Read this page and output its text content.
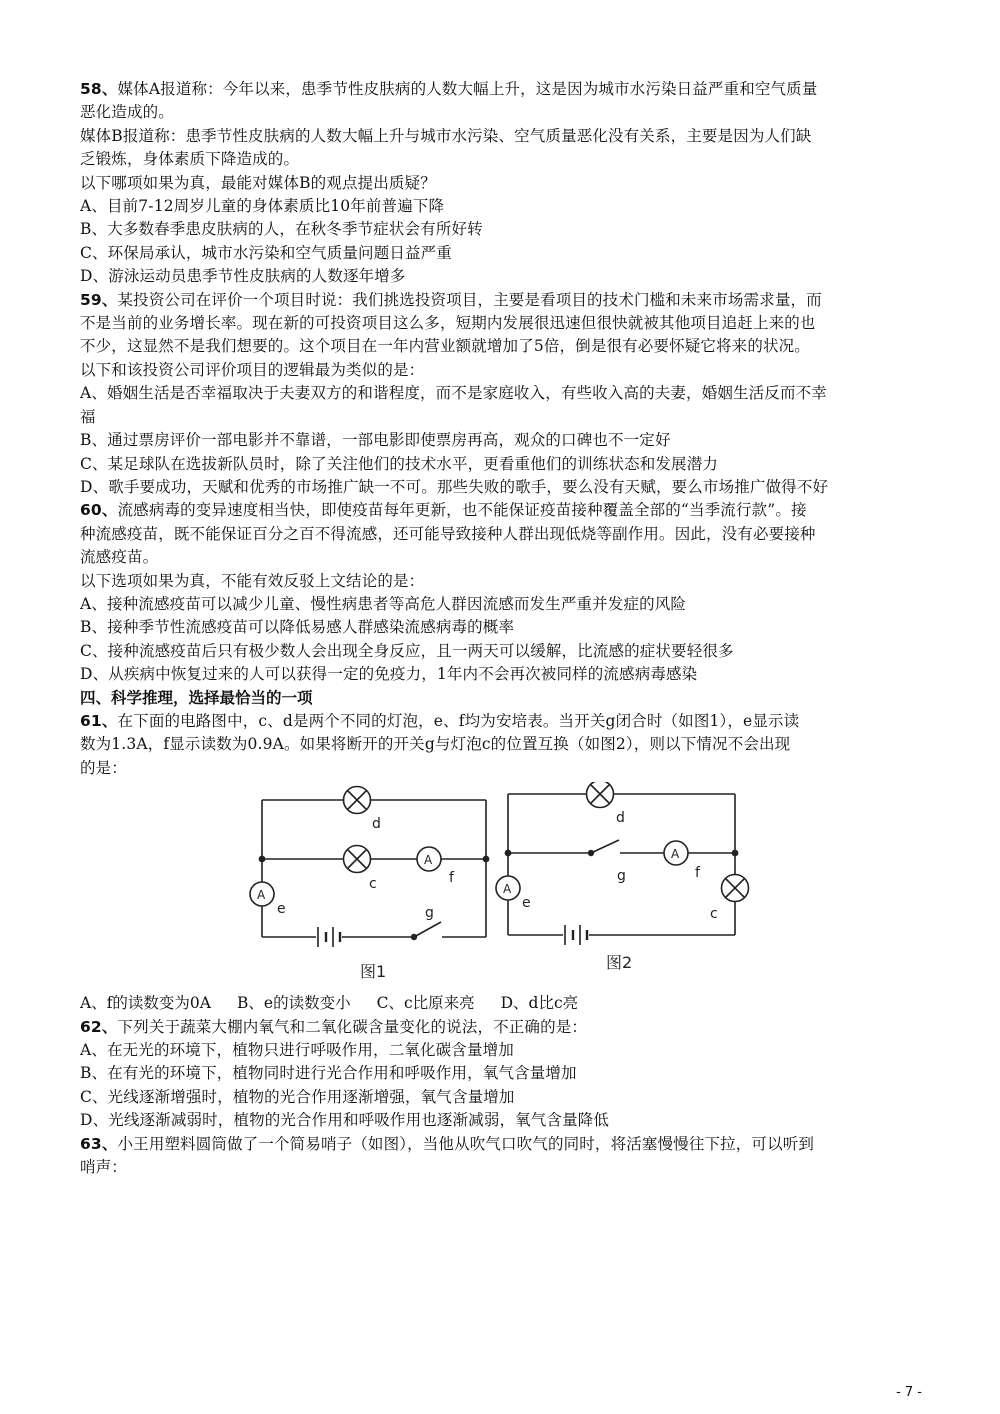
58、媒体A报道称：今年以来，患季节性皮肤病的人数大幅上升，这是因为城市水污染日益严重和空气质量
恶化造成的。
媒体B报道称：患季节性皮肤病的人数大幅上升与城市水污染、空气质量恶化没有关系，主要是因为人们缺
乏锻炼，身体素质下降造成的。
以下哪项如果为真，最能对媒体B的观点提出质疑？
A、目前7-12周岁儿童的身体素质比10年前普遍下降
B、大多数春季患皮肤病的人，在秋冬季节症状会有所好转
C、环保局承认，城市水污染和空气质量问题日益严重
D、游泳运动员患季节性皮肤病的人数逐年增多
59、某投资公司在评价一个项目时说：我们挑选投资项目，主要是看项目的技术门槛和未来市场需求量，而
不是当前的业务增长率。现在新的可投资项目这么多，短期内发展很迅速但很快就被其他项目追赶上来的也
不少，这显然不是我们想要的。这个项目在一年内营业额就增加了5倍，倒是很有必要怀疑它将来的状况。
以下和该投资公司评价项目的逻辑最为类似的是：
A、婚姻生活是否幸福取决于夫妻双方的和谐程度，而不是家庭收入，有些收入高的夫妻，婚姻生活反而不幸
福
B、通过票房评价一部电影并不靠谱，一部电影即使票房再高，观众的口碑也不一定好
C、某足球队在选拔新队员时，除了关注他们的技术水平，更看重他们的训练状态和发展潜力
D、歌手要成功，天赋和优秀的市场推广缺一不可。那些失败的歌手，要么没有天赋，要么市场推广做得不好
60、流感病毒的变异速度相当快，即使疫苗每年更新，也不能保证疫苗接种覆盖全部的“当季流行款”。接
种流感疫苗，既不能保证百分之百不得流感，还可能导致接种人群出现低烧等副作用。因此，没有必要接种
流感疫苗。
以下选项如果为真，不能有效反驳上文结论的是：
A、接种流感疫苗可以减少儿童、慢性病患者等高危人群因流感而发生严重并发症的风险
B、接种季节性流感疫苗可以降低易感人群感染流感病毒的概率
C、接种流感疫苗后只有极少数人会出现全身反应，且一两天可以缓解，比流感的症状要轻很多
D、从疾病中恢复过来的人可以获得一定的免疫力，1年内不会再次被同样的流感病毒感染
四、科学推理，选择最恰当的一项
61、在下面的电路图中，c、d是两个不同的灯泡，e、f均为安培表。当开关g闭合时（如图1），e显示读
数为1.3A，f显示读数为0.9A。如果将断开的开关g与灯泡c的位置互换（如图2），则以下情况不会出现
的是：
A
A
d
c	f
e	g
图1
A
A
d
g	f
e
c
图2
A、f的读数变为0A B、e的读数变小 C、c比原来亮 D、d比c亮
62、下列关于蔬菜大棚内氧气和二氧化碳含量变化的说法，不正确的是：
A、在无光的环境下，植物只进行呼吸作用，二氧化碳含量增加
B、在有光的环境下，植物同时进行光合作用和呼吸作用，氧气含量增加
C、光线逐渐增强时，植物的光合作用逐渐增强，氧气含量增加
D、光线逐渐减弱时，植物的光合作用和呼吸作用也逐渐减弱，氧气含量降低
63、小王用塑料圆筒做了一个简易哨子（如图），当他从吹气口吹气的同时，将活塞慢慢往下拉，可以听到
哨声：
- 7 -
